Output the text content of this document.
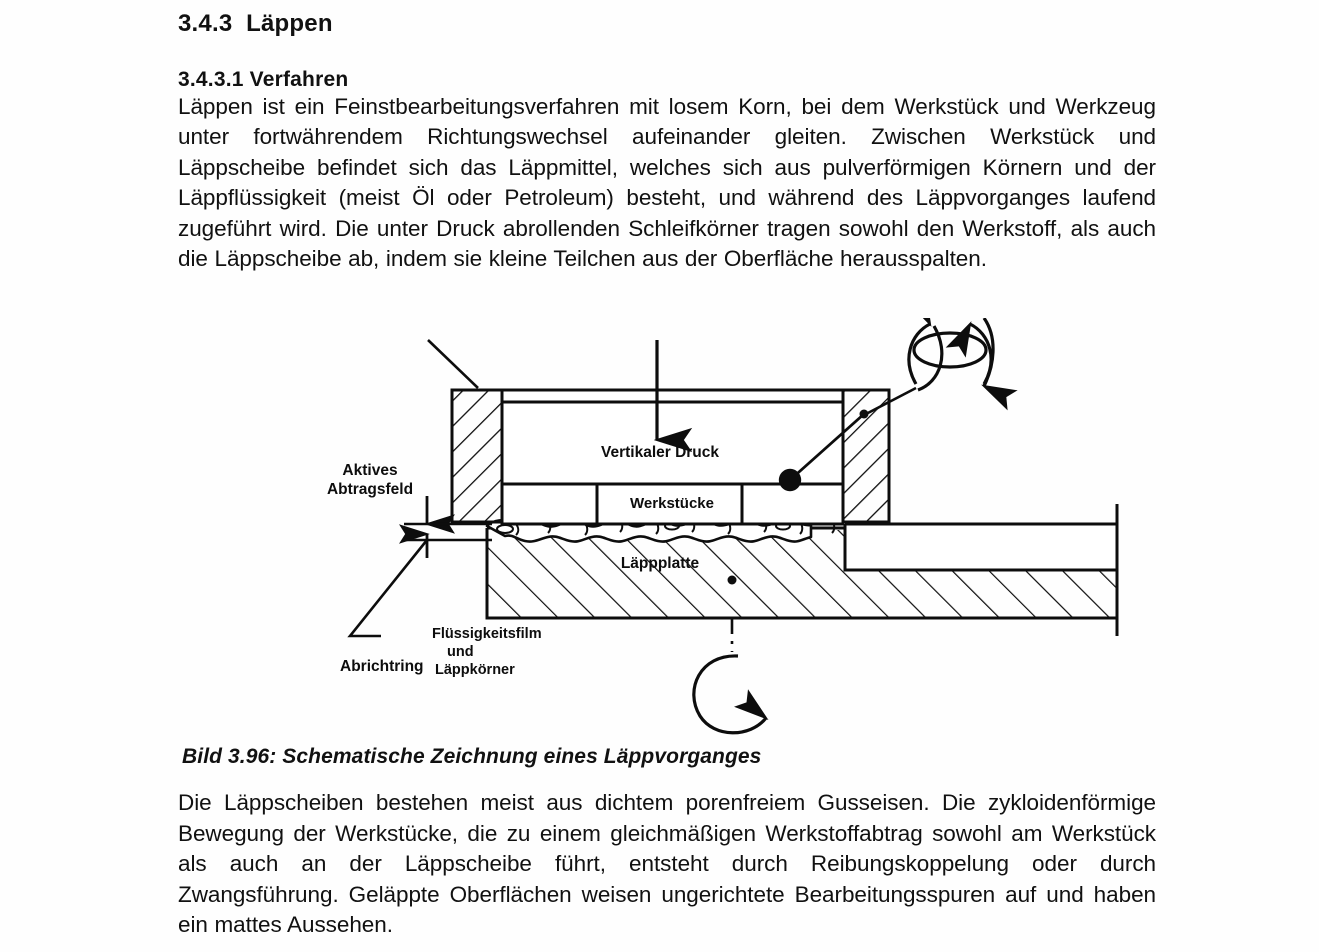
3.4.3 Läppen
3.4.3.1 Verfahren

Läppen ist ein Feinstbearbeitungsverfahren mit losem Korn, bei dem Werkstück und Werkzeug unter fortwährendem Richtungswechsel aufeinander gleiten. Zwischen Werkstück und Läppscheibe befindet sich das Läppmittel, welches sich aus pulverförmigen Körnern und der Läppflüssigkeit (meist Öl oder Petroleum) besteht, und während des Läppvorganges laufend zugeführt wird. Die unter Druck abrollenden Schleifkörner tragen sowohl den Werkstoff, als auch die Läppscheibe ab, indem sie kleine Teilchen aus der Oberfläche herausspalten.

Abrichtring
Aktives
Abtragsfeld
Vertikaler Druck
Werkstücke
Läppplatte
Flüssigkeitsfilm
und
Läppkörner

Bild 3.96: Schematische Zeichnung eines Läppvorganges

Die Läppscheiben bestehen meist aus dichtem porenfreiem Gusseisen. Die zykloidenförmige Bewegung der Werkstücke, die zu einem gleichmäßigen Werkstoffabtrag sowohl am Werkstück als auch an der Läppscheibe führt, entsteht durch Reibungskoppelung oder durch Zwangsführung. Geläppte Oberflächen weisen ungerichtete Bearbeitungsspuren auf und haben ein mattes Aussehen.
